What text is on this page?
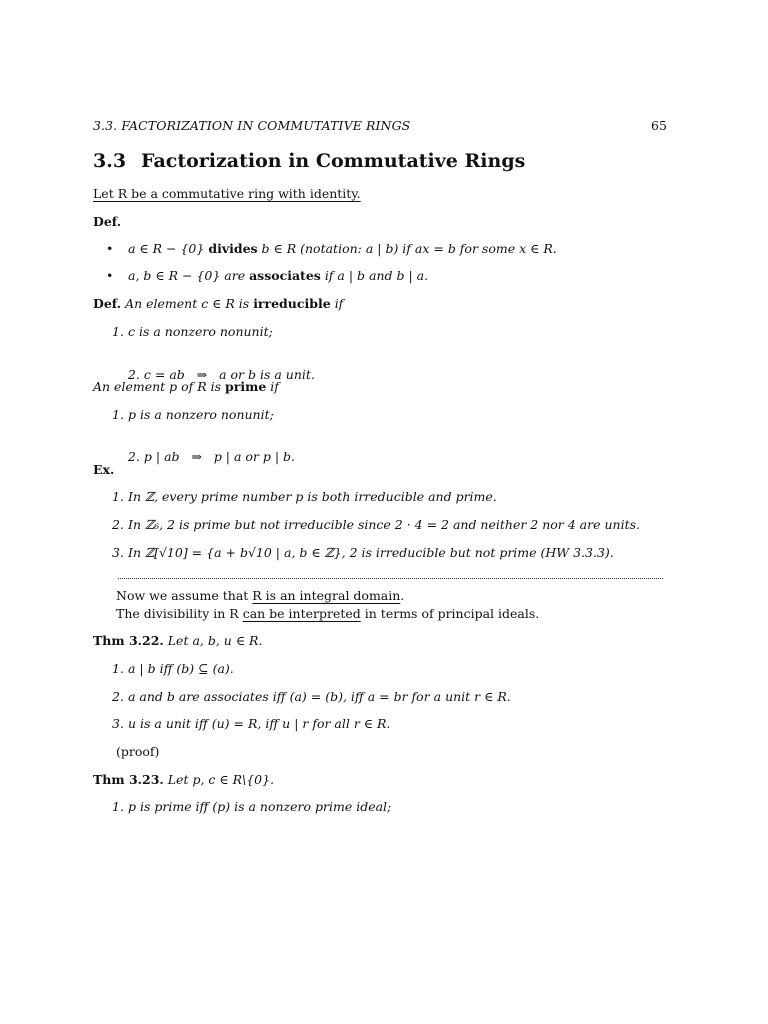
3.3. FACTORIZATION IN COMMUTATIVE RINGS	65
3.3 Factorization in Commutative Rings
Let R be a commutative ring with identity.
Def.
• a ∈ R − {0} divides b ∈ R (notation: a | b) if ax = b for some x ∈ R.
• a, b ∈ R − {0} are associates if a | b and b | a.
Def. An element c ∈ R is irreducible if
1. c is a nonzero nonunit;

2. c = ab   ⇒   a or b is a unit.

An element p of R is prime if
1. p is a nonzero nonunit;

2. p | ab   ⇒   p | a or p | b.

Ex.
1. In ℤ, every prime number p is both irreducible and prime.
2. In ℤ₆, 2 is prime but not irreducible since 2 · 4 = 2 and neither 2 nor 4 are units.
3. In ℤ[√10] = {a + b√10 | a, b ∈ ℤ}, 2 is irreducible but not prime (HW 3.3.3).
Now we assume that R is an integral domain.
The divisibility in R can be interpreted in terms of principal ideals.
Thm 3.22. Let a, b, u ∈ R.
1. a | b iff (b) ⊆ (a).
2. a and b are associates iff (a) = (b), iff a = br for a unit r ∈ R.
3. u is a unit iff (u) = R, iff u | r for all r ∈ R.
(proof)
Thm 3.23. Let p, c ∈ R\{0}.
1. p is prime iff (p) is a nonzero prime ideal;
